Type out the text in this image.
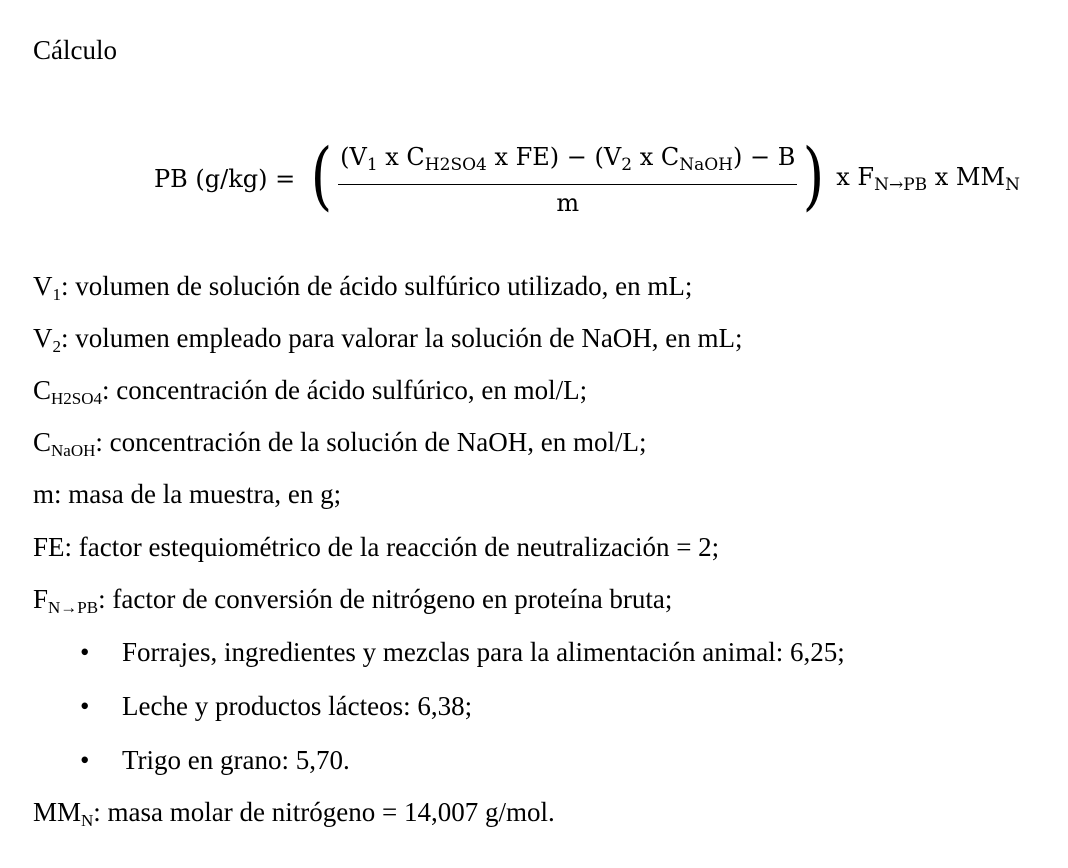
Cálculo
PB (g/kg) = ( $\frac{(V_1 x C_{H2SO4} x FE) - (V_2 x C_{NaOH}) - B}{m}$ ) x $F_{N\to PB}$ x $MM_N$
$V_1$: volumen de solución de ácido sulfúrico utilizado, en mL;
$V_2$: volumen empleado para valorar la solución de NaOH, en mL;
$C_{H2SO4}$: concentración de ácido sulfúrico, en mol/L;
$C_{NaOH}$: concentración de la solución de NaOH, en mol/L;
m: masa de la muestra, en g;
FE: factor estequiométrico de la reacción de neutralización = 2;
$F_{N\to PB}$: factor de conversión de nitrógeno en proteína bruta;
•	Forrajes, ingredientes y mezclas para la alimentación animal: 6,25;
•	Leche y productos lácteos: 6,38;
•	Trigo en grano: 5,70.
$MM_N$: masa molar de nitrógeno = 14,007 g/mol.
